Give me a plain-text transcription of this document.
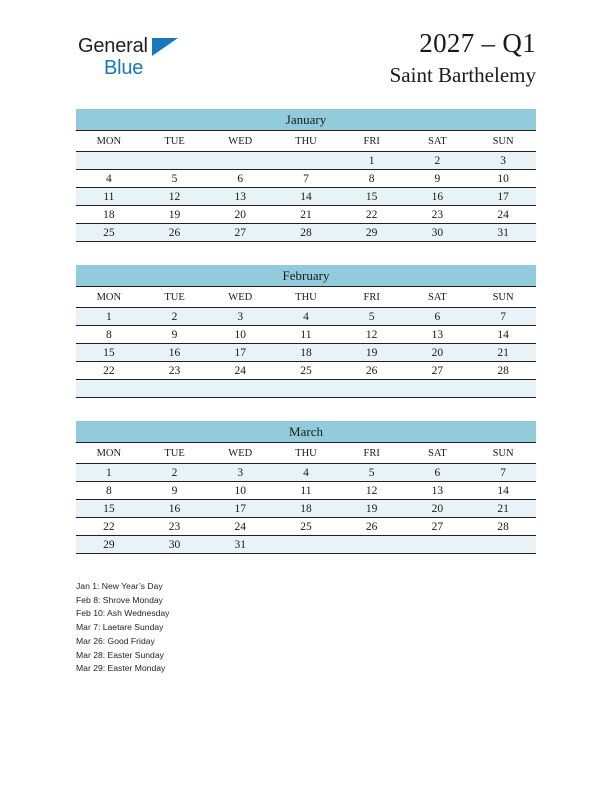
General
Blue
2027 – Q1
Saint Barthelemy
January						
MON	TUE	WED	THU	FRI	SAT	SUN
				1	2	3
4	5	6	7	8	9	10
11	12	13	14	15	16	17
18	19	20	21	22	23	24
25	26	27	28	29	30	31
February						
MON	TUE	WED	THU	FRI	SAT	SUN
1	2	3	4	5	6	7
8	9	10	11	12	13	14
15	16	17	18	19	20	21
22	23	24	25	26	27	28

March						
MON	TUE	WED	THU	FRI	SAT	SUN
1	2	3	4	5	6	7
8	9	10	11	12	13	14
15	16	17	18	19	20	21
22	23	24	25	26	27	28
29	30	31				
Jan 1: New Year’s Day
Feb 8: Shrove Monday
Feb 10: Ash Wednesday
Mar 7: Laetare Sunday
Mar 26: Good Friday
Mar 28: Easter Sunday
Mar 29: Easter Monday
